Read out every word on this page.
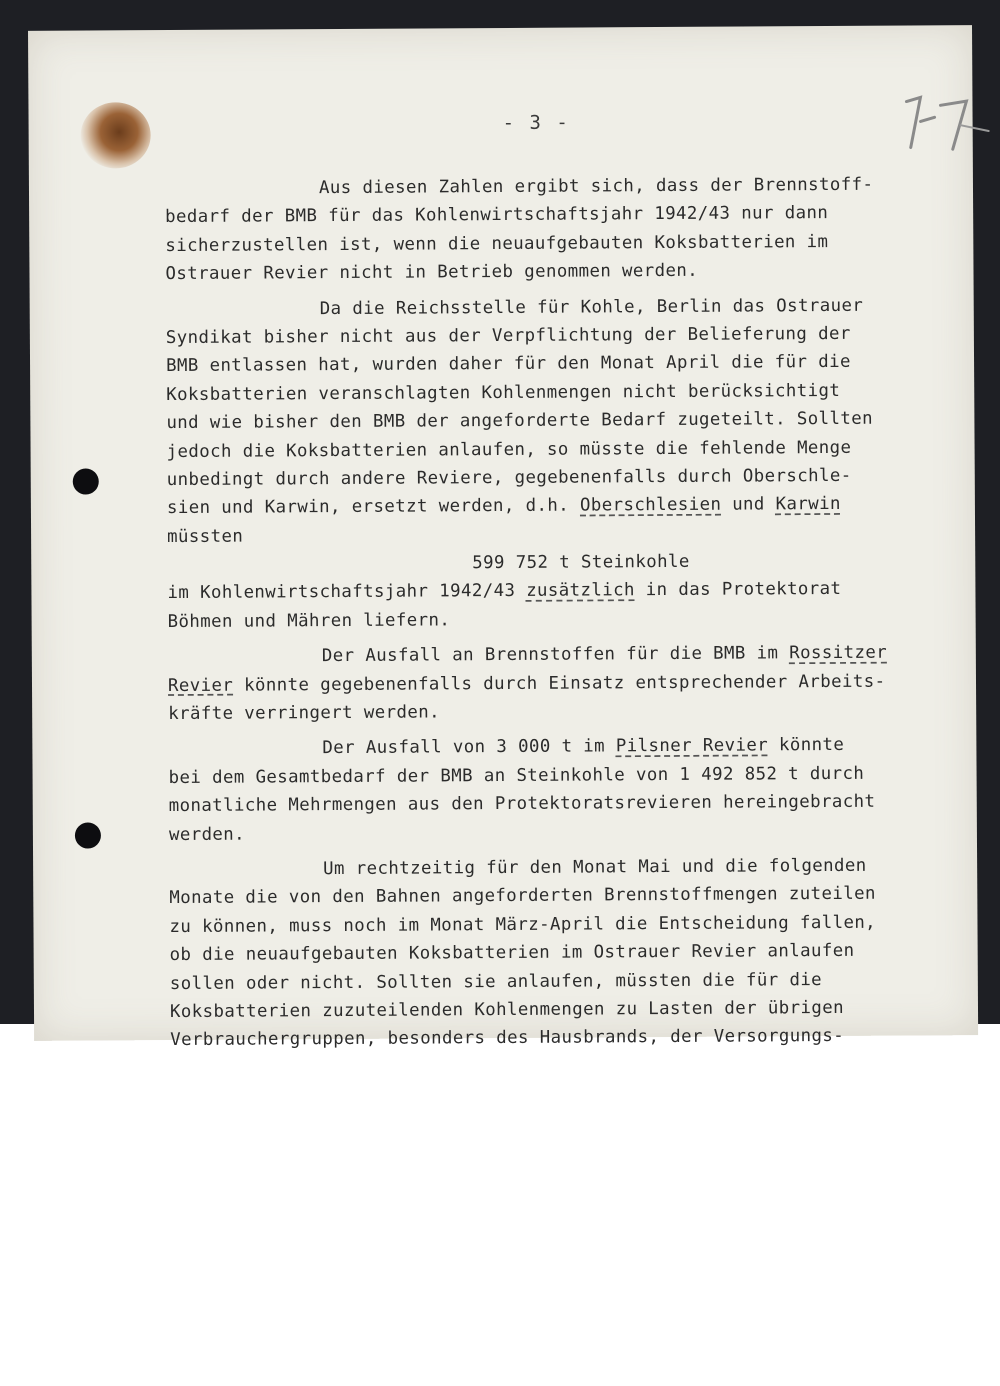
- 3 -
Aus diesen Zahlen ergibt sich, dass der Brennstoff-
bedarf der BMB für das Kohlenwirtschaftsjahr 1942/43 nur dann
sicherzustellen ist, wenn die neuaufgebauten Koksbatterien im
Ostrauer Revier nicht in Betrieb genommen werden.
Da die Reichsstelle für Kohle, Berlin das Ostrauer
Syndikat bisher nicht aus der Verpflichtung der Belieferung der
BMB entlassen hat, wurden daher für den Monat April die für die
Koksbatterien veranschlagten Kohlenmengen nicht berücksichtigt
und wie bisher den BMB der angeforderte Bedarf zugeteilt. Sollten
jedoch die Koksbatterien anlaufen, so müsste die fehlende Menge
unbedingt durch andere Reviere, gegebenenfalls durch Oberschle-
sien und Karwin, ersetzt werden, d.h. Oberschlesien und Karwin
müssten
599 752 t Steinkohle
im Kohlenwirtschaftsjahr 1942/43 zusätzlich in das Protektorat
Böhmen und Mähren liefern.
Der Ausfall an Brennstoffen für die BMB im Rossitzer
Revier könnte gegebenenfalls durch Einsatz entsprechender Arbeits-
kräfte verringert werden.
Der Ausfall von 3 000 t im Pilsner Revier könnte
bei dem Gesamtbedarf der BMB an Steinkohle von 1 492 852 t durch
monatliche Mehrmengen aus den Protektoratsrevieren hereingebracht
werden.
Um rechtzeitig für den Monat Mai und die folgenden
Monate die von den Bahnen angeforderten Brennstoffmengen zuteilen
zu können, muss noch im Monat März-April die Entscheidung fallen,
ob die neuaufgebauten Koksbatterien im Ostrauer Revier anlaufen
sollen oder nicht. Sollten sie anlaufen, müssten die für die
Koksbatterien zuzuteilenden Kohlenmengen zu Lasten der übrigen
Verbrauchergruppen, besonders des Hausbrands, der Versorgungs-
